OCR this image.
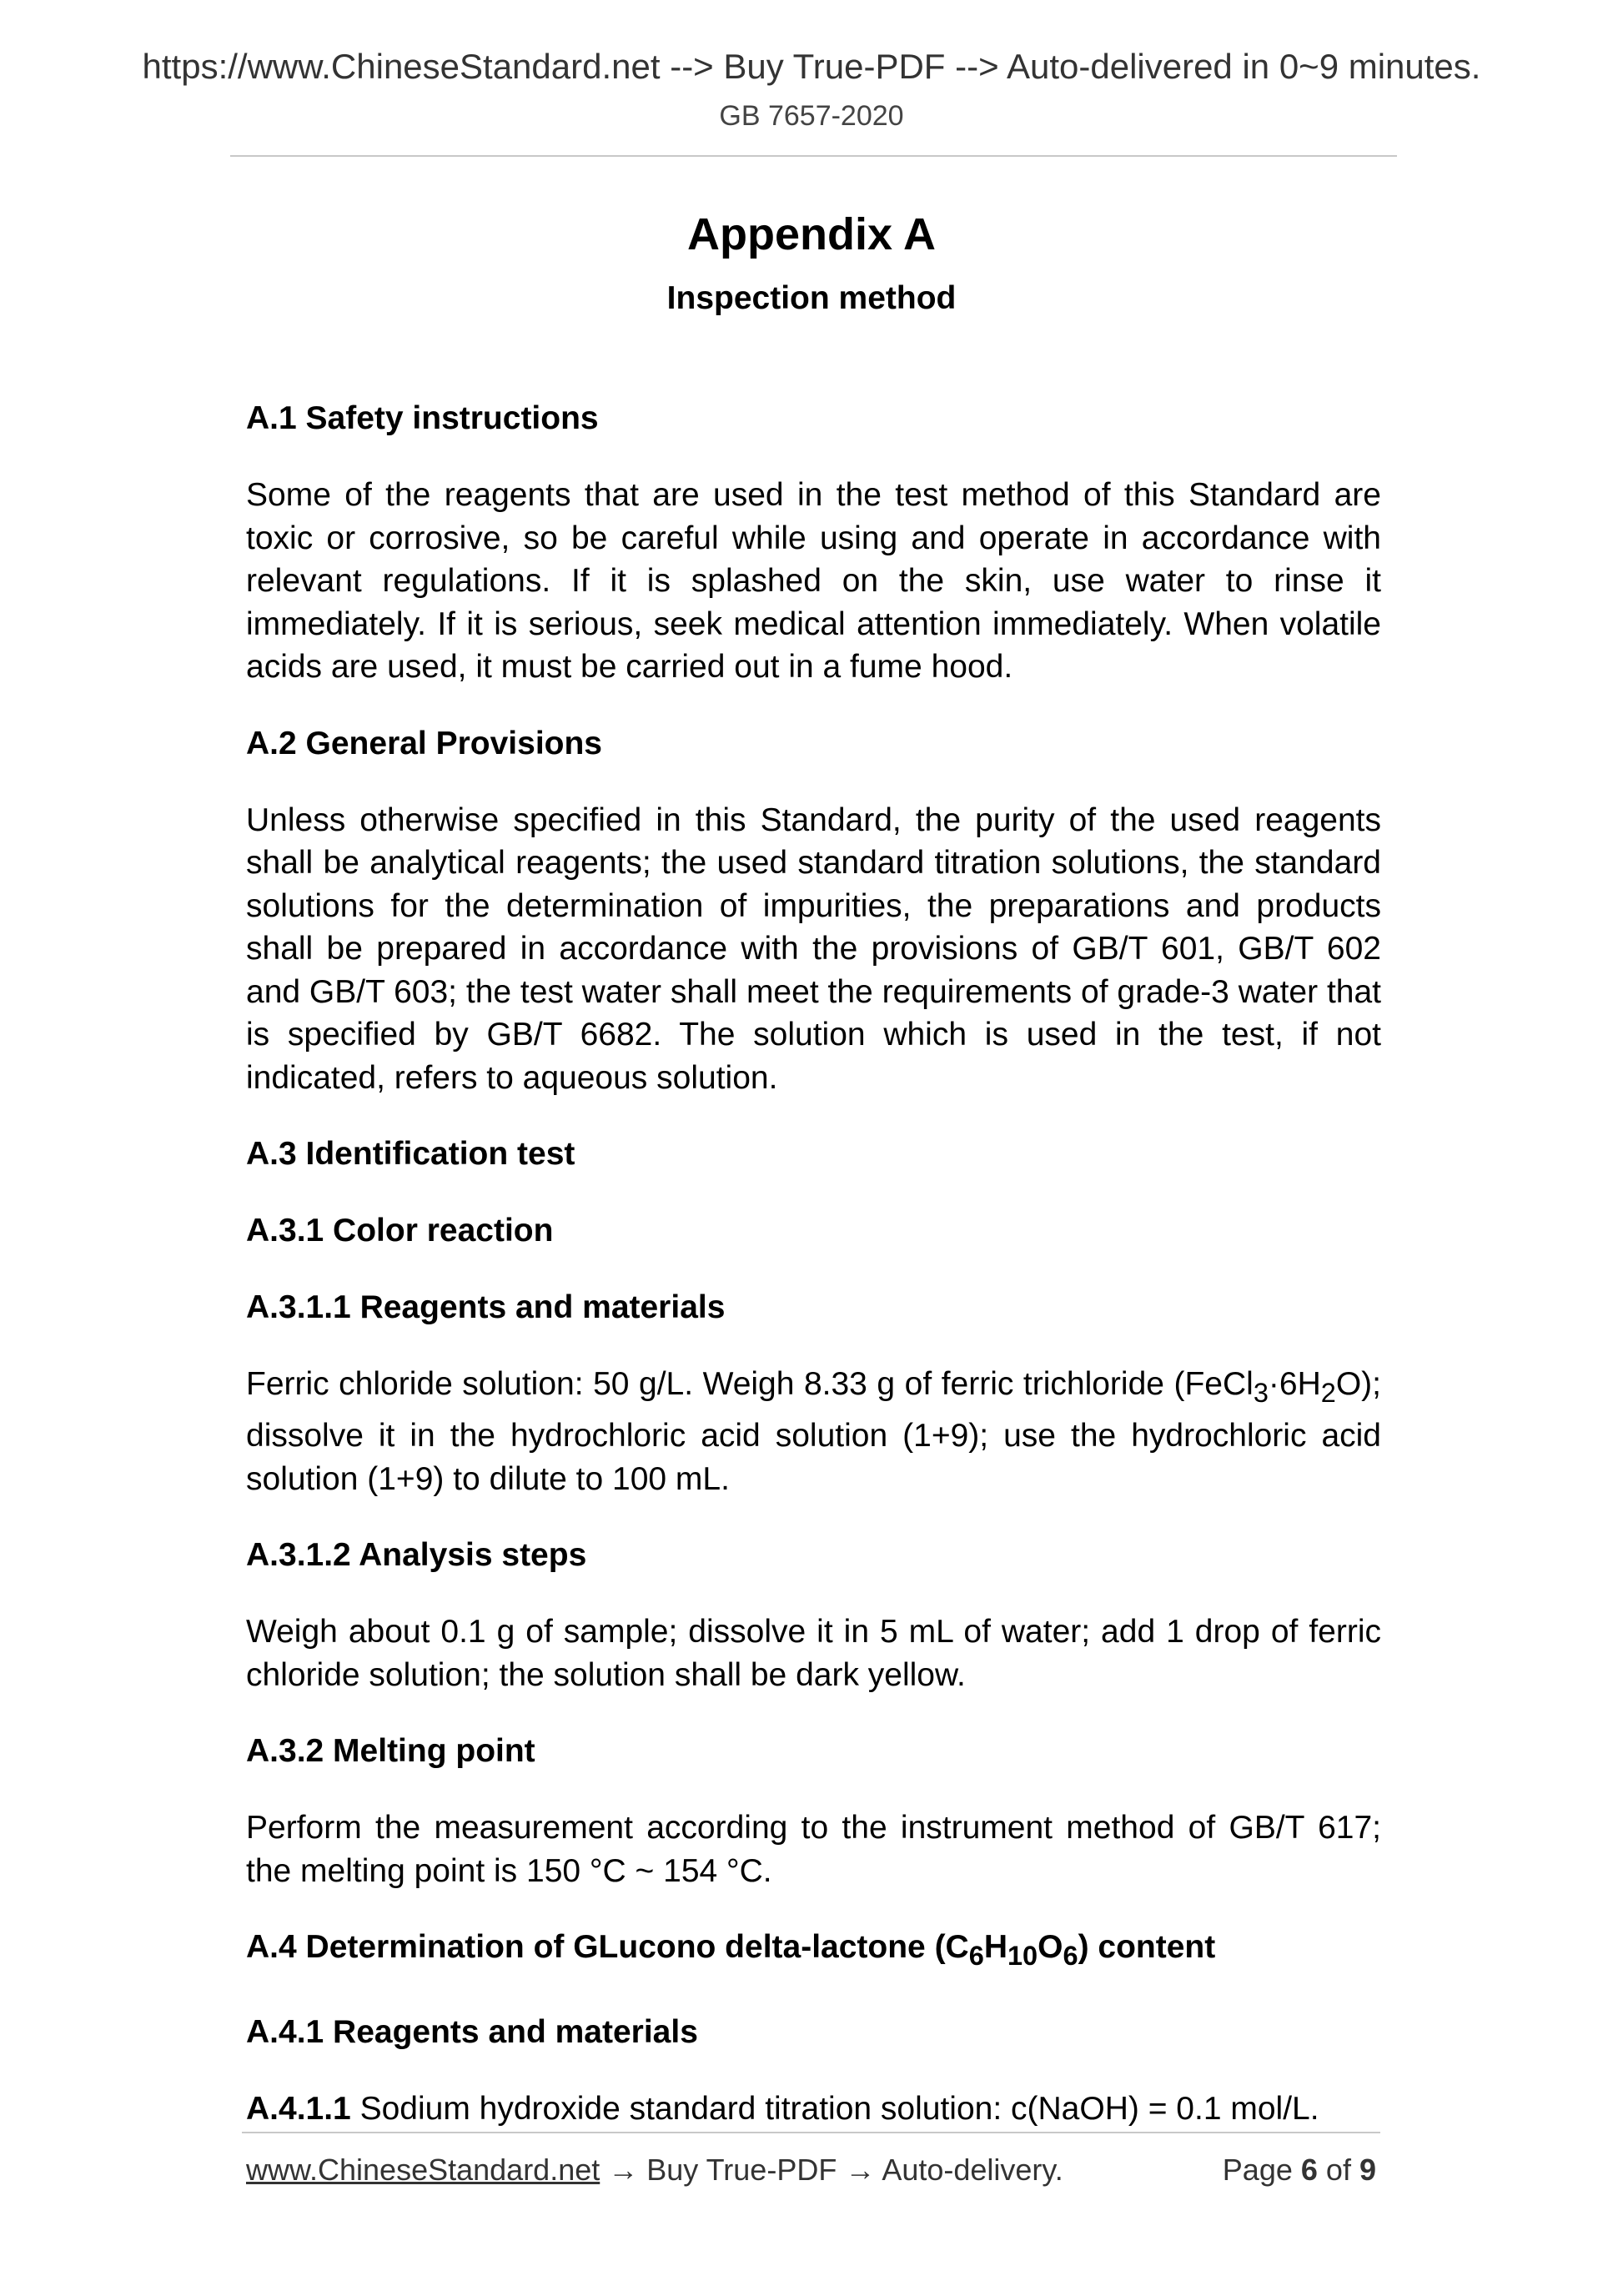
https://www.ChineseStandard.net --> Buy True-PDF --> Auto-delivered in 0~9 minutes.
GB 7657-2020
Appendix A
Inspection method
A.1 Safety instructions
Some of the reagents that are used in the test method of this Standard are toxic or corrosive, so be careful while using and operate in accordance with relevant regulations. If it is splashed on the skin, use water to rinse it immediately. If it is serious, seek medical attention immediately. When volatile acids are used, it must be carried out in a fume hood.
A.2 General Provisions
Unless otherwise specified in this Standard, the purity of the used reagents shall be analytical reagents; the used standard titration solutions, the standard solutions for the determination of impurities, the preparations and products shall be prepared in accordance with the provisions of GB/T 601, GB/T 602 and GB/T 603; the test water shall meet the requirements of grade-3 water that is specified by GB/T 6682. The solution which is used in the test, if not indicated, refers to aqueous solution.
A.3 Identification test
A.3.1 Color reaction
A.3.1.1 Reagents and materials
Ferric chloride solution: 50 g/L. Weigh 8.33 g of ferric trichloride $(FeCl_3\cdot 6H_2O)$; dissolve it in the hydrochloric acid solution (1+9); use the hydrochloric acid solution (1+9) to dilute to 100 mL.
A.3.1.2 Analysis steps
Weigh about 0.1 g of sample; dissolve it in 5 mL of water; add 1 drop of ferric chloride solution; the solution shall be dark yellow.
A.3.2 Melting point
Perform the measurement according to the instrument method of GB/T 617; the melting point is 150 °C ~ 154 °C.
A.4 Determination of GLucono delta-lactone $(C_6H_{10}O_6)$ content
A.4.1 Reagents and materials
A.4.1.1 Sodium hydroxide standard titration solution: c(NaOH) = 0.1 mol/L.
www.ChineseStandard.net → Buy True-PDF → Auto-delivery.	Page 6 of 9
